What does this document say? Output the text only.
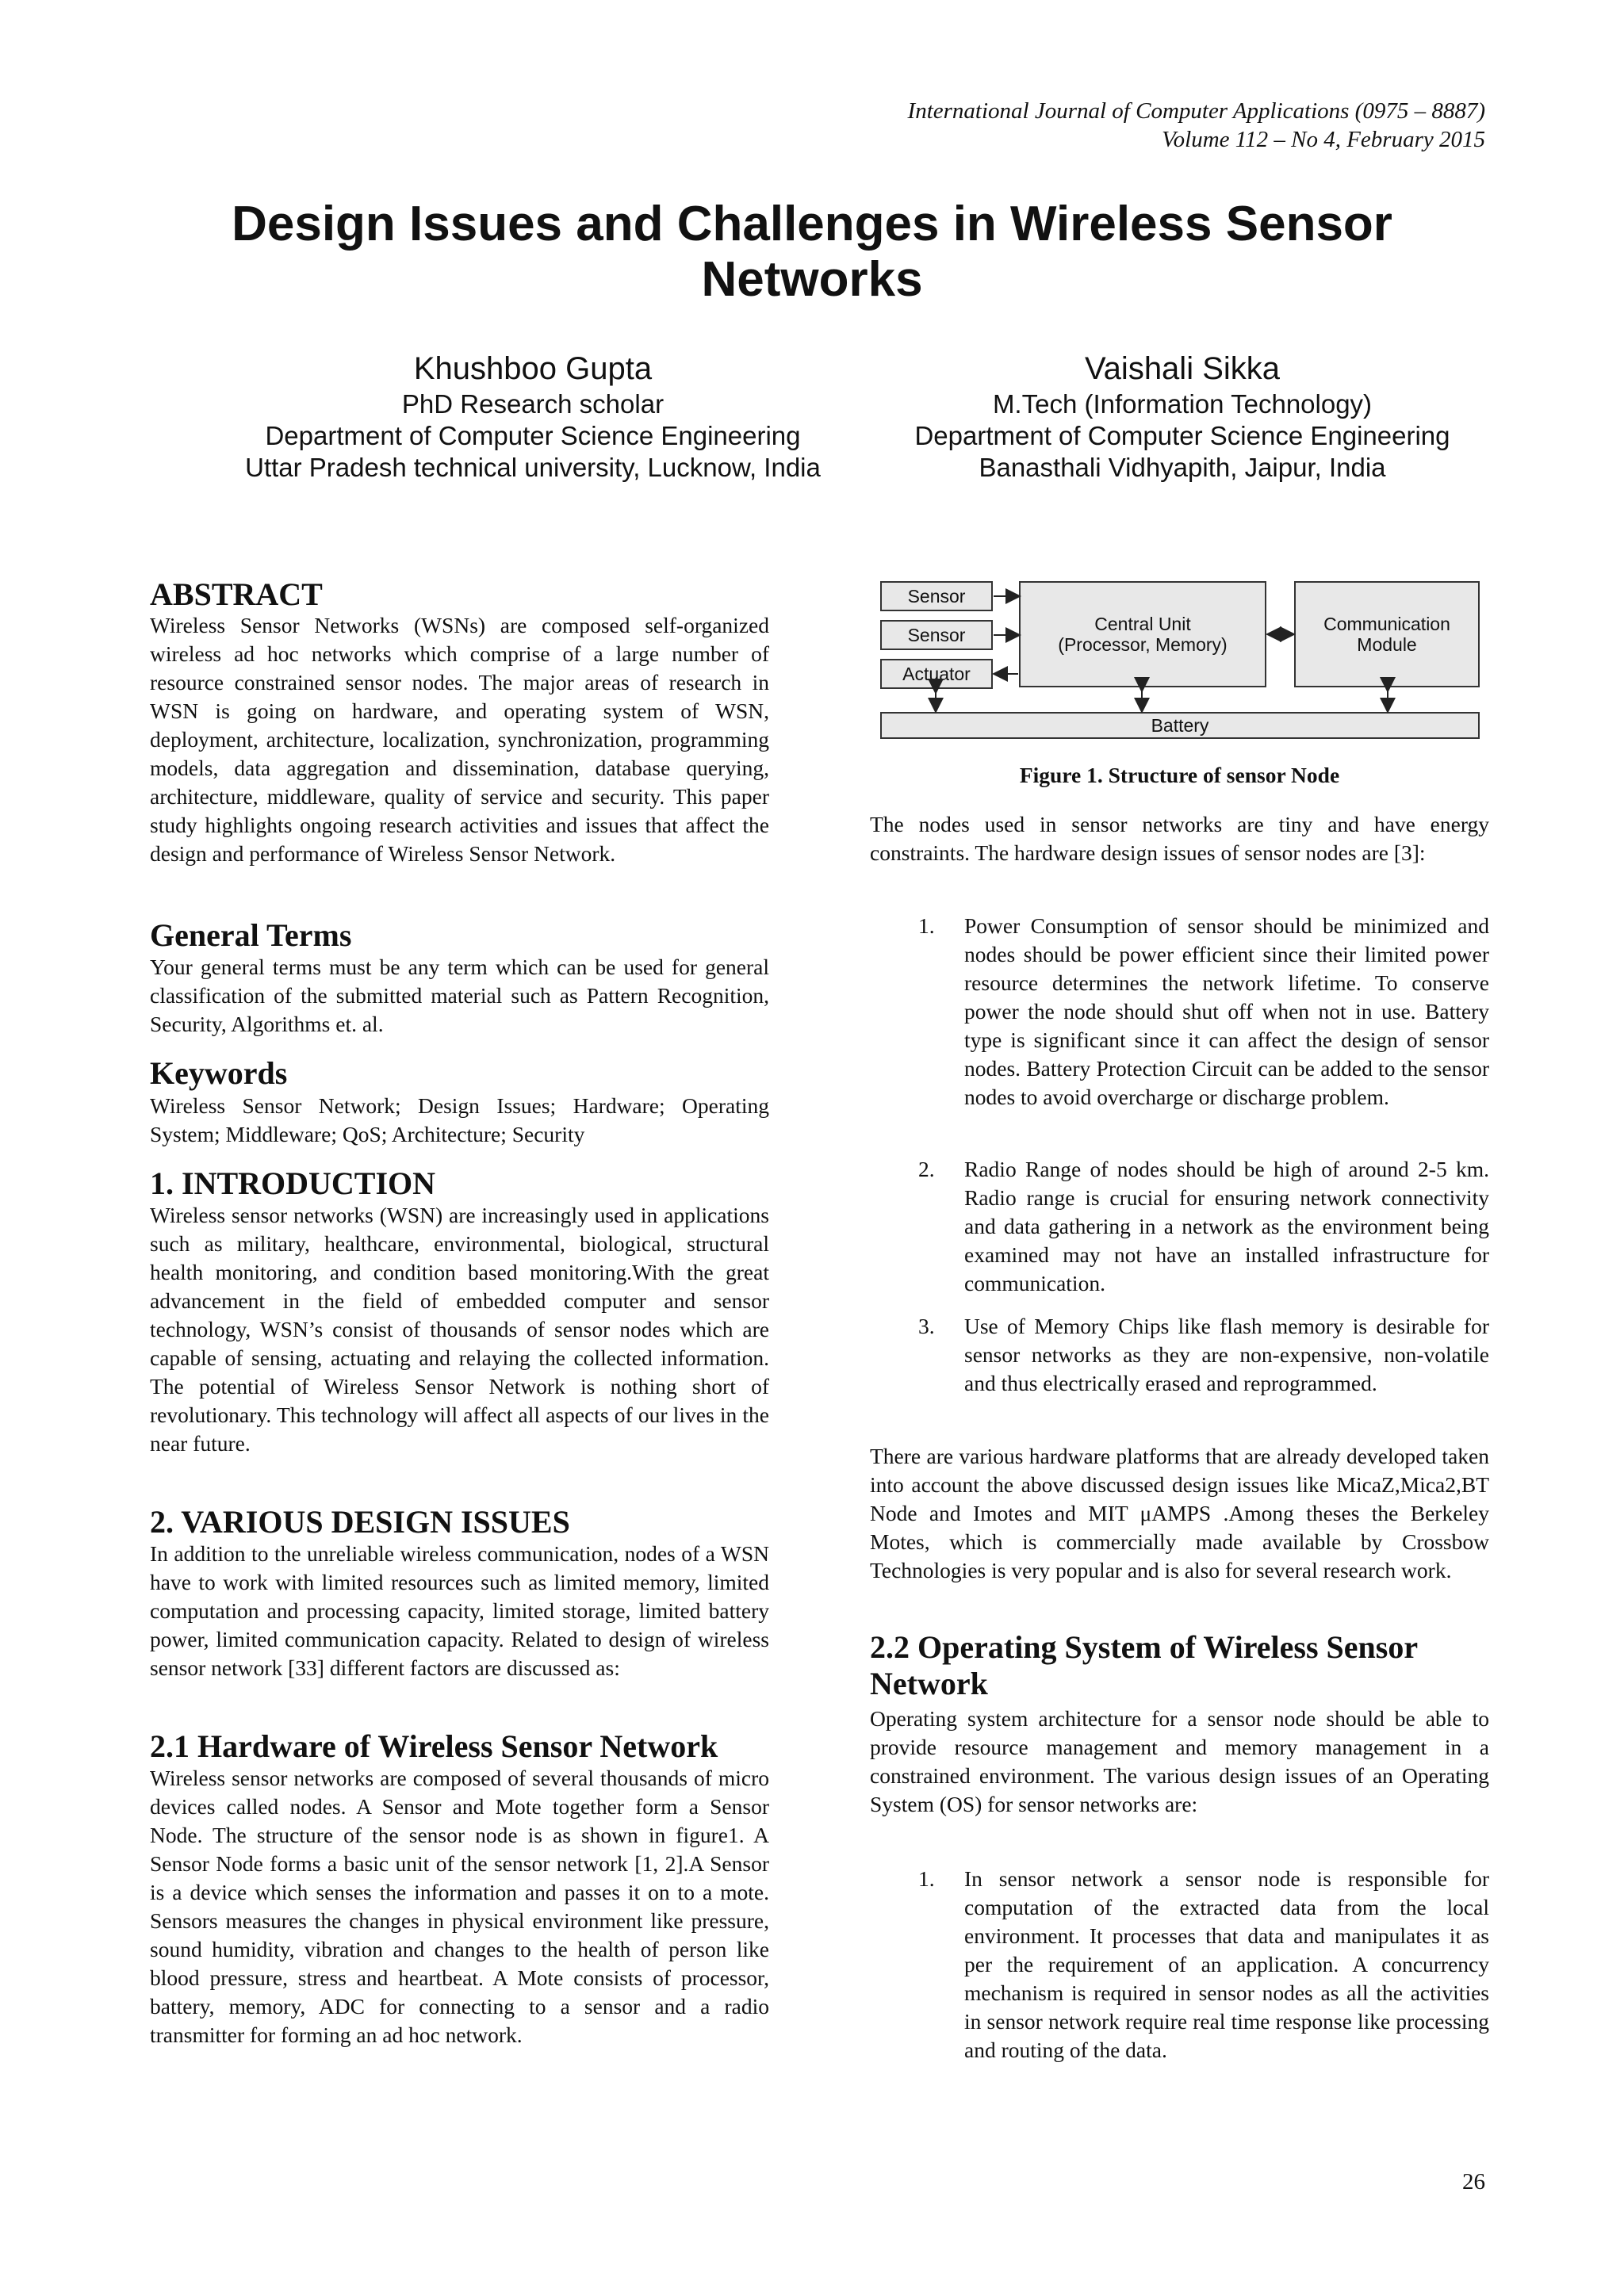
International Journal of Computer Applications (0975 – 8887)
Volume 112 – No 4, February 2015
Design Issues and Challenges in Wireless Sensor
Networks
Khushboo Gupta
PhD Research scholar
Department of Computer Science Engineering
Uttar Pradesh technical university, Lucknow, India
Vaishali Sikka
M.Tech (Information Technology)
Department of Computer Science Engineering
Banasthali Vidhyapith, Jaipur, India
ABSTRACT
Wireless Sensor Networks (WSNs) are composed self-organized wireless ad hoc networks which comprise of a large number of resource constrained sensor nodes. The major areas of research in WSN is going on hardware, and operating system of WSN, deployment, architecture, localization, synchronization, programming models, data aggregation and dissemination, database querying, architecture, middleware, quality of service and security. This paper study highlights ongoing research activities and issues that affect the design and performance of Wireless Sensor Network.
General Terms
Your general terms must be any term which can be used for general classification of the submitted material such as Pattern Recognition, Security, Algorithms et. al.
Keywords
Wireless Sensor Network; Design Issues; Hardware; Operating System; Middleware; QoS; Architecture; Security
1. INTRODUCTION
Wireless sensor networks (WSN) are increasingly used in applications such as military, healthcare, environmental, biological, structural health monitoring, and condition based monitoring.With the great advancement in the field of embedded computer and sensor technology, WSN’s consist of thousands of sensor nodes which are capable of sensing, actuating and relaying the collected information. The potential of Wireless Sensor Network is nothing short of revolutionary. This technology will affect all aspects of our lives in the near future.
2. VARIOUS DESIGN ISSUES
In addition to the unreliable wireless communication, nodes of a WSN have to work with limited resources such as limited memory, limited computation and processing capacity, limited storage, limited battery power, limited communication capacity. Related to design of wireless sensor network [33] different factors are discussed as:
2.1 Hardware of Wireless Sensor Network
Wireless sensor networks are composed of several thousands of micro devices called nodes. A Sensor and Mote together form a Sensor Node. The structure of the sensor node is as shown in figure1. A Sensor Node forms a basic unit of the sensor network [1, 2].A Sensor is a device which senses the information and passes it on to a mote. Sensors measures the changes in physical environment like pressure, sound humidity, vibration and changes to the health of person like blood pressure, stress and heartbeat. A Mote consists of processor, battery, memory, ADC for connecting to a sensor and a radio transmitter for forming an ad hoc network.
Sensor
Sensor
Actuator
Central Unit
(Processor, Memory)
Communication
Module
Battery
Figure 1. Structure of sensor Node
The nodes used in sensor networks are tiny and have energy constraints. The hardware design issues of sensor nodes are [3]:
1. Power Consumption of sensor should be minimized and nodes should be power efficient since their limited power resource determines the network lifetime. To conserve power the node should shut off when not in use. Battery type is significant since it can affect the design of sensor nodes. Battery Protection Circuit can be added to the sensor nodes to avoid overcharge or discharge problem.
2. Radio Range of nodes should be high of around 2-5 km. Radio range is crucial for ensuring network connectivity and data gathering in a network as the environment being examined may not have an installed infrastructure for communication.
3. Use of Memory Chips like flash memory is desirable for sensor networks as they are non-expensive, non-volatile and thus electrically erased and reprogrammed.
There are various hardware platforms that are already developed taken into account the above discussed design issues like MicaZ,Mica2,BT Node and Imotes and MIT μAMPS .Among theses the Berkeley Motes, which is commercially made available by Crossbow Technologies is very popular and is also for several research work.
2.2 Operating System of Wireless Sensor
Network
Operating system architecture for a sensor node should be able to provide resource management and memory management in a constrained environment. The various design issues of an Operating System (OS) for sensor networks are:
1. In sensor network a sensor node is responsible for computation of the extracted data from the local environment. It processes that data and manipulates it as per the requirement of an application. A concurrency mechanism is required in sensor nodes as all the activities in sensor network require real time response like processing and routing of the data.
26
